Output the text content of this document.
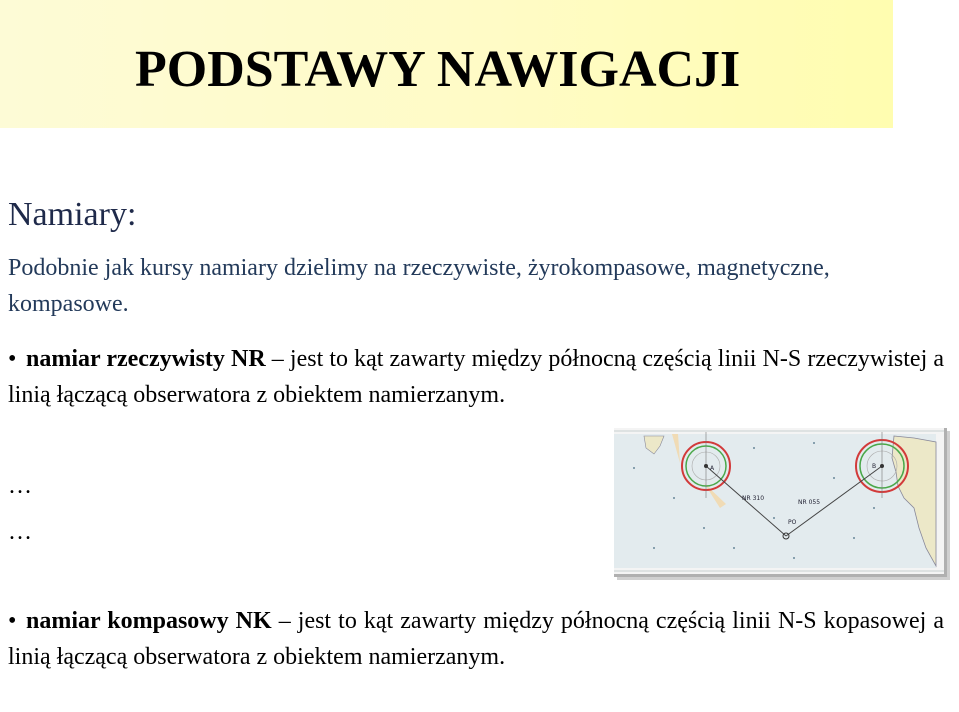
PODSTAWY NAWIGACJI
Namiary:
Podobnie jak kursy namiary dzielimy na rzeczywiste, żyrokompasowe, magnetyczne, kompasowe.
• namiar rzeczywisty NR – jest to kąt zawarty między północną częścią linii N-S rzeczywistej a linią łączącą obserwatora z obiektem namierzanym.
…
…
A	B
NR 310
NR 055
PO
• namiar kompasowy NK – jest to kąt zawarty między północną częścią linii N-S kopasowej a linią łączącą obserwatora z obiektem namierzanym.
